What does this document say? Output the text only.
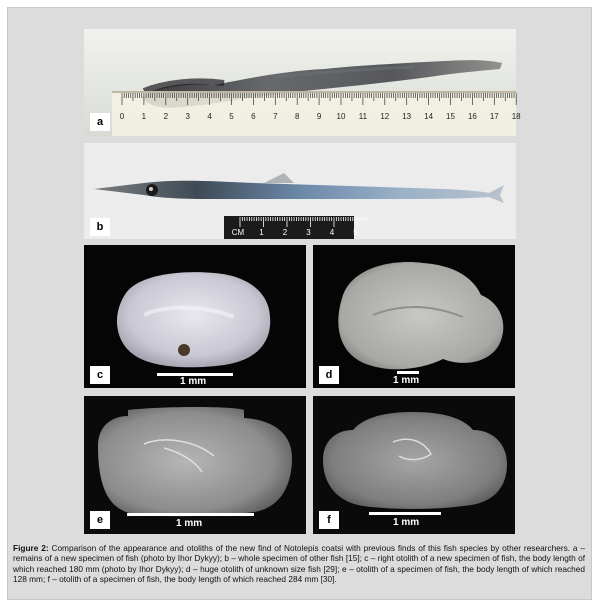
0 1 2 3 4 5 6 7 8 9 10 11 12 13 14 15 16 17 18
a
CM 1 2 3 4 5
b
c
1 mm
d	1 mm
e	1 mm	f	1 mm
Figure 2: Comparison of the appearance and otoliths of the new find of Notolepis coatsi with previous finds of this fish species by other researchers. a – remains of a new specimen of fish (photo by Ihor Dykyy); b – whole specimen of other fish [15]; c – right otolith of a new specimen of fish, the body length of which reached 180 mm (photo by Ihor Dykyy); d – huge otolith of unknown size fish [29]; e – otolith of a specimen of fish, the body length of which reached 128 mm; f – otolith of a specimen of fish, the body length of which reached 284 mm [30].
